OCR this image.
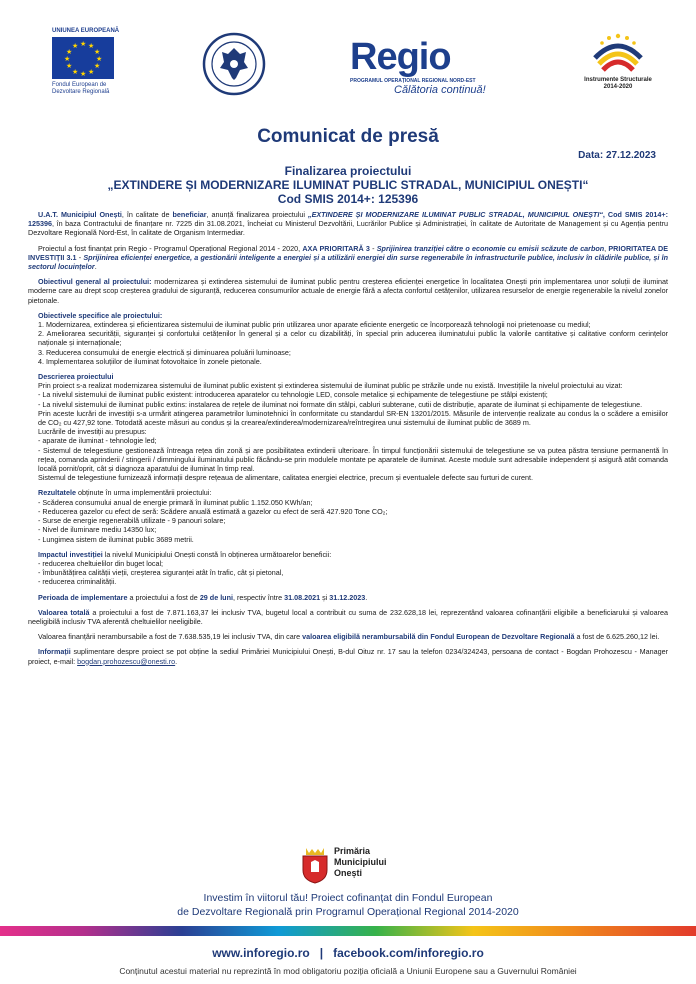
UNIUNEA EUROPEANĂ
★ ★
★
★
★
★
★
★
★
★
★
★
Fondul European de Dezvoltare Regională
Regio
PROGRAMUL OPERAȚIONAL REGIONAL NORD-EST
Călătoria continuă!
Instrumente Structurale 2014-2020
Comunicat de presă
Data: 27.12.2023
Finalizarea proiectului
„EXTINDERE ȘI MODERNIZARE ILUMINAT PUBLIC STRADAL, MUNICIPIUL ONEȘTI“
Cod SMIS 2014+: 125396

U.A.T. Municipiul Onești, în calitate de beneficiar, anunță finalizarea proiectului „EXTINDERE ȘI MODERNIZARE ILUMINAT PUBLIC STRADAL, MUNICIPIUL ONEȘTI“, Cod SMIS 2014+: 125396, în baza Contractului de finanțare nr. 7225 din 31.08.2021, încheiat cu Ministerul Dezvoltării, Lucrărilor Publice și Administrației, în calitate de Autoritate de Management și cu Agenția pentru Dezvoltare Regională Nord-Est, în calitate de Organism Intermediar.

Proiectul a fost finanțat prin Regio - Programul Operațional Regional 2014 - 2020, AXA PRIORITARĂ 3 - Sprijinirea tranziției către o economie cu emisii scăzute de carbon, PRIORITATEA DE INVESTIȚII 3.1 - Sprijinirea eficienței energetice, a gestionării inteligente a energiei și a utilizării energiei din surse regenerabile în infrastructurile publice, inclusiv în clădirile publice, și în sectorul locuințelor.

Obiectivul general al proiectului: modernizarea și extinderea sistemului de iluminat public pentru creșterea eficienței energetice în localitatea Onești prin implementarea unor soluții de iluminat moderne care au drept scop creșterea gradului de siguranță, reducerea consumurilor actuale de energie fără a afecta confortul cetățenilor, utilizarea resurselor de energie regenerabile la nivelul zonelor pietonale.

Obiectivele specifice ale proiectului:
1. Modernizarea, extinderea și eficientizarea sistemului de iluminat public prin utilizarea unor aparate eficiente energetic ce încorporează tehnologii noi prietenoase cu mediul;
2. Ameliorarea securității, siguranței și confortului cetățenilor în general și a celor cu dizabilități, în special prin aducerea iluminatului public la valorile cantitative și calitative conform cerințelor naționale și internaționale;
3. Reducerea consumului de energie electrică și diminuarea poluării luminoase;
4. Implementarea soluțiilor de iluminat fotovoltaice în zonele pietonale.
Descrierea proiectului
Prin proiect s-a realizat modernizarea sistemului de iluminat public existent și extinderea sistemului de iluminat public pe străzile unde nu există. Investițiile la nivelul proiectului au vizat:
- La nivelul sistemului de iluminat public existent: introducerea aparatelor cu tehnologie LED, console metalice și echipamente de telegestiune pe stâlpi existenți;
- La nivelul sistemului de iluminat public extins: instalarea de rețele de iluminat noi formate din stâlpi, cabluri subterane, cutii de distribuție, aparate de iluminat și echipamente de telegestiune.
Prin aceste lucrări de investiții s-a urmărit atingerea parametrilor luminotehnici în conformitate cu standardul SR-EN 13201/2015. Măsurile de intervenție realizate au condus la o scădere a emisiilor de CO₂ cu 427,92 tone. Totodată aceste măsuri au condus și la crearea/extinderea/modernizarea/reîntregirea unui sistemului de iluminat public de 3689 m.
Lucrările de investiții au presupus:
- aparate de iluminat - tehnologie led;
- Sistemul de telegestiune gestionează întreaga rețea din zonă și are posibilitatea extinderii ulterioare. În timpul funcționării sistemului de telegestiune se va putea păstra tensiune permanentă în rețea, comanda aprinderii / stingerii / dimmingului iluminatului public făcându-se prin modulele montate pe aparatele de iluminat. Aceste module sunt adresabile independent și asigură atât comanda locală pornit/oprit, cât și diagnoza aparatului de iluminat în timp real.
Sistemul de telegestiune furnizează informații despre rețeaua de alimentare, calitatea energiei electrice, precum și eventualele defecte sau furturi de curent.
Rezultatele obținute în urma implementării proiectului:
- Scăderea consumului anual de energie primară în iluminat public 1.152.050 KWh/an;
- Reducerea gazelor cu efect de seră: Scădere anuală estimată a gazelor cu efect de seră 427.920 Tone CO₂;
- Surse de energie regenerabilă utilizate - 9 panouri solare;
- Nivel de iluminare mediu 14350 lux;
- Lungimea sistem de iluminat public 3689 metrii.
Impactul investiției la nivelul Municipiului Onești constă în obținerea următoarelor beneficii:
- reducerea cheltuielilor din buget local;
- îmbunătățirea calității vieții, creșterea siguranței atât în trafic, cât și pietonal,
- reducerea criminalității.

Perioada de implementare a proiectului a fost de 29 de luni, respectiv între 31.08.2021 și 31.12.2023.

Valoarea totală a proiectului a fost de 7.871.163,37 lei inclusiv TVA, bugetul local a contribuit cu suma de 232.628,18 lei, reprezentând valoarea cofinanțării eligibile a beneficiarului și valoarea neeligibilă inclusiv TVA aferentă cheltuielilor neeligibile.

Valoarea finanțării nerambursabile a fost de 7.638.535,19 lei inclusiv TVA, din care valoarea eligibilă nerambursabilă din Fondul European de Dezvoltare Regională a fost de 6.625.260,12 lei.

Informații suplimentare despre proiect se pot obține la sediul Primăriei Municipiului Onești, B-dul Oituz nr. 17 sau la telefon 0234/324243, persoana de contact - Bogdan Prohozescu - Manager proiect, e-mail: bogdan.prohozescu@onesti.ro.

Primăria
Municipiului
Onești
Investim în viitorul tău! Proiect cofinanțat din Fondul European
de Dezvoltare Regională prin Programul Operațional Regional 2014-2020
www.inforegio.ro | facebook.com/inforegio.ro
Conținutul acestui material nu reprezintă în mod obligatoriu poziția oficială a Uniunii Europene sau a Guvernului României
